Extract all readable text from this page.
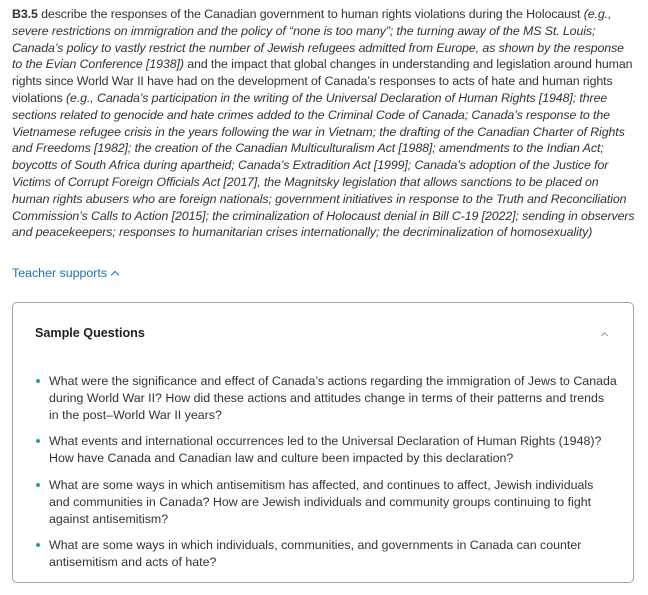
B3.5 describe the responses of the Canadian government to human rights violations during the Holocaust (e.g., severe restrictions on immigration and the policy of “none is too many”; the turning away of the MS St. Louis; Canada’s policy to vastly restrict the number of Jewish refugees admitted from Europe, as shown by the response to the Evian Conference [1938]) and the impact that global changes in understanding and legislation around human rights since World War II have had on the development of Canada’s responses to acts of hate and human rights violations (e.g., Canada’s participation in the writing of the Universal Declaration of Human Rights [1948]; three sections related to genocide and hate crimes added to the Criminal Code of Canada; Canada’s response to the Vietnamese refugee crisis in the years following the war in Vietnam; the drafting of the Canadian Charter of Rights and Freedoms [1982]; the creation of the Canadian Multiculturalism Act [1988]; amendments to the Indian Act; boycotts of South Africa during apartheid; Canada’s Extradition Act [1999]; Canada’s adoption of the Justice for Victims of Corrupt Foreign Officials Act [2017], the Magnitsky legislation that allows sanctions to be placed on human rights abusers who are foreign nationals; government initiatives in response to the Truth and Reconciliation Commission’s Calls to Action [2015]; the criminalization of Holocaust denial in Bill C-19 [2022]; sending in observers and peacekeepers; responses to humanitarian crises internationally; the decriminalization of homosexuality)

Teacher supports
Sample Questions
What were the significance and effect of Canada’s actions regarding the immigration of Jews to Canada during World War II? How did these actions and attitudes change in terms of their patterns and trends in the post–World War II years?
What events and international occurrences led to the Universal Declaration of Human Rights (1948)? How have Canada and Canadian law and culture been impacted by this declaration?
What are some ways in which antisemitism has affected, and continues to affect, Jewish individuals and communities in Canada? How are Jewish individuals and community groups continuing to fight against antisemitism?
What are some ways in which individuals, communities, and governments in Canada can counter antisemitism and acts of hate?
